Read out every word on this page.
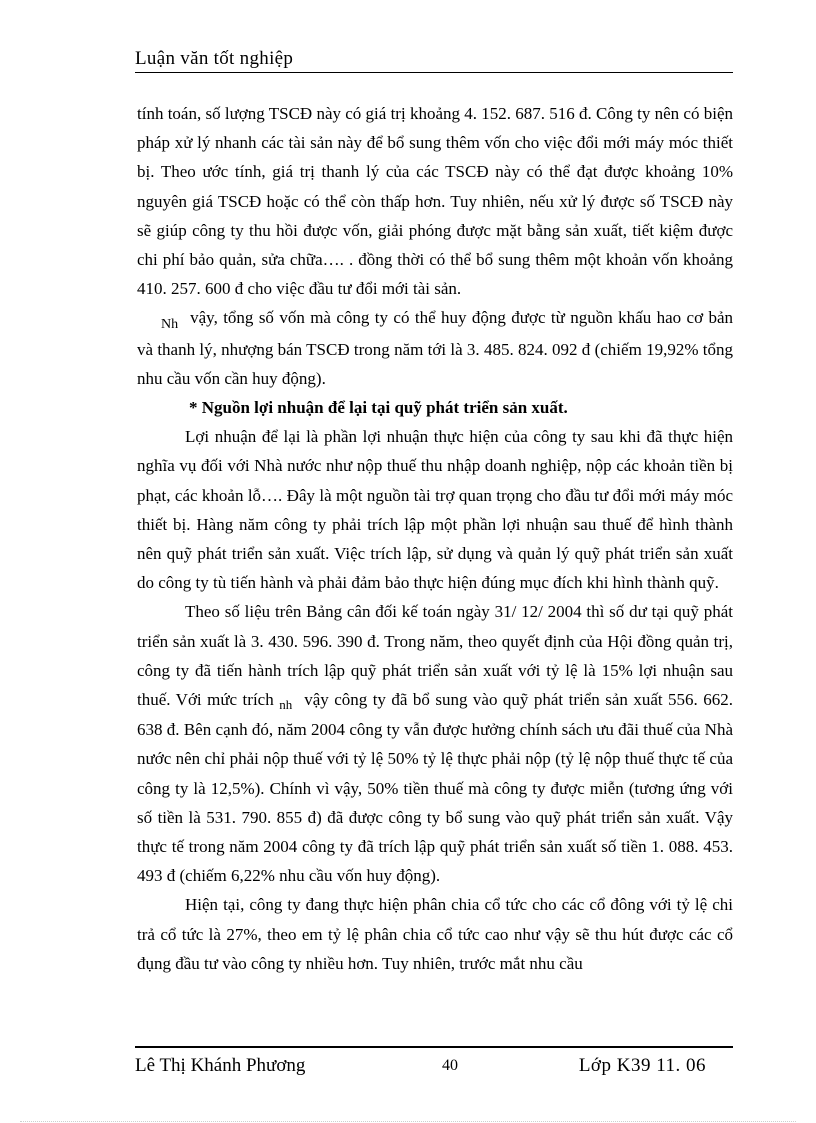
Luận văn tốt nghiệp

tính toán, số lượng TSCĐ này có giá trị khoảng 4. 152. 687. 516 đ. Công ty nên có biện pháp xử lý nhanh các tài sản này để bổ sung thêm vốn cho việc đổi mới máy móc thiết bị. Theo ước tính, giá trị thanh lý của các TSCĐ này có thể đạt được khoảng 10% nguyên giá TSCĐ hoặc có thể còn thấp hơn. Tuy nhiên, nếu xử lý được số TSCĐ này sẽ giúp công ty thu hồi được vốn, giải phóng được mặt bằng sản xuất, tiết kiệm được chi phí bảo quản, sửa chữa…. . đồng thời có thể bổ sung thêm một khoản vốn khoảng 410. 257. 600 đ cho việc đầu tư đổi mới tài sản.

$_{Nh}$ vậy, tổng số vốn mà công ty có thể huy động được từ nguồn khấu hao cơ bản và thanh lý, nhượng bán TSCĐ trong năm tới là 3. 485. 824. 092 đ (chiếm 19,92% tổng nhu cầu vốn cần huy động).

* Nguồn lợi nhuận để lại tại quỹ phát triển sản xuất.

Lợi nhuận để lại là phần lợi nhuận thực hiện của công ty sau khi đã thực hiện nghĩa vụ đối với Nhà nước như nộp thuế thu nhập doanh nghiệp, nộp các khoản tiền bị phạt, các khoản lỗ…. Đây là một nguồn tài trợ quan trọng cho đầu tư đổi mới máy móc thiết bị. Hàng năm công ty phải trích lập một phần lợi nhuận sau thuế để hình thành nên quỹ phát triển sản xuất. Việc trích lập, sử dụng và quản lý quỹ phát triển sản xuất do công ty tù tiến hành và phải đảm bảo thực hiện đúng mục đích khi hình thành quỹ.

Theo số liệu trên Bảng cân đối kế toán ngày 31/ 12/ 2004 thì số dư tại quỹ phát triển sản xuất là 3. 430. 596. 390 đ. Trong năm, theo quyết định của Hội đồng quản trị, công ty đã tiến hành trích lập quỹ phát triển sản xuất với tỷ lệ là 15% lợi nhuận sau thuế. Với mức trích $_{nh}$ vậy công ty đã bổ sung vào quỹ phát triển sản xuất 556. 662. 638 đ. Bên cạnh đó, năm 2004 công ty vẫn được hưởng chính sách ưu đãi thuế của Nhà nước nên chỉ phải nộp thuế với tỷ lệ 50% tỷ lệ thực phải nộp (tỷ lệ nộp thuế thực tế của công ty là 12,5%). Chính vì vậy, 50% tiền thuế mà công ty được miễn (tương ứng với số tiền là 531. 790. 855 đ) đã được công ty bổ sung vào quỹ phát triển sản xuất. Vậy thực tế trong năm 2004 công ty đã trích lập quỹ phát triển sản xuất số tiền 1. 088. 453. 493 đ (chiếm 6,22% nhu cầu vốn huy động).

Hiện tại, công ty đang thực hiện phân chia cổ tức cho các cổ đông với tỷ lệ chi trả cổ tức là 27%, theo em tỷ lệ phân chia cổ tức cao như vậy sẽ thu hút được các cổ đụng đầu tư vào công ty nhiều hơn. Tuy nhiên, trước mắt nhu cầu

Lê Thị Khánh Phương	40	Lớp K39 11. 06
